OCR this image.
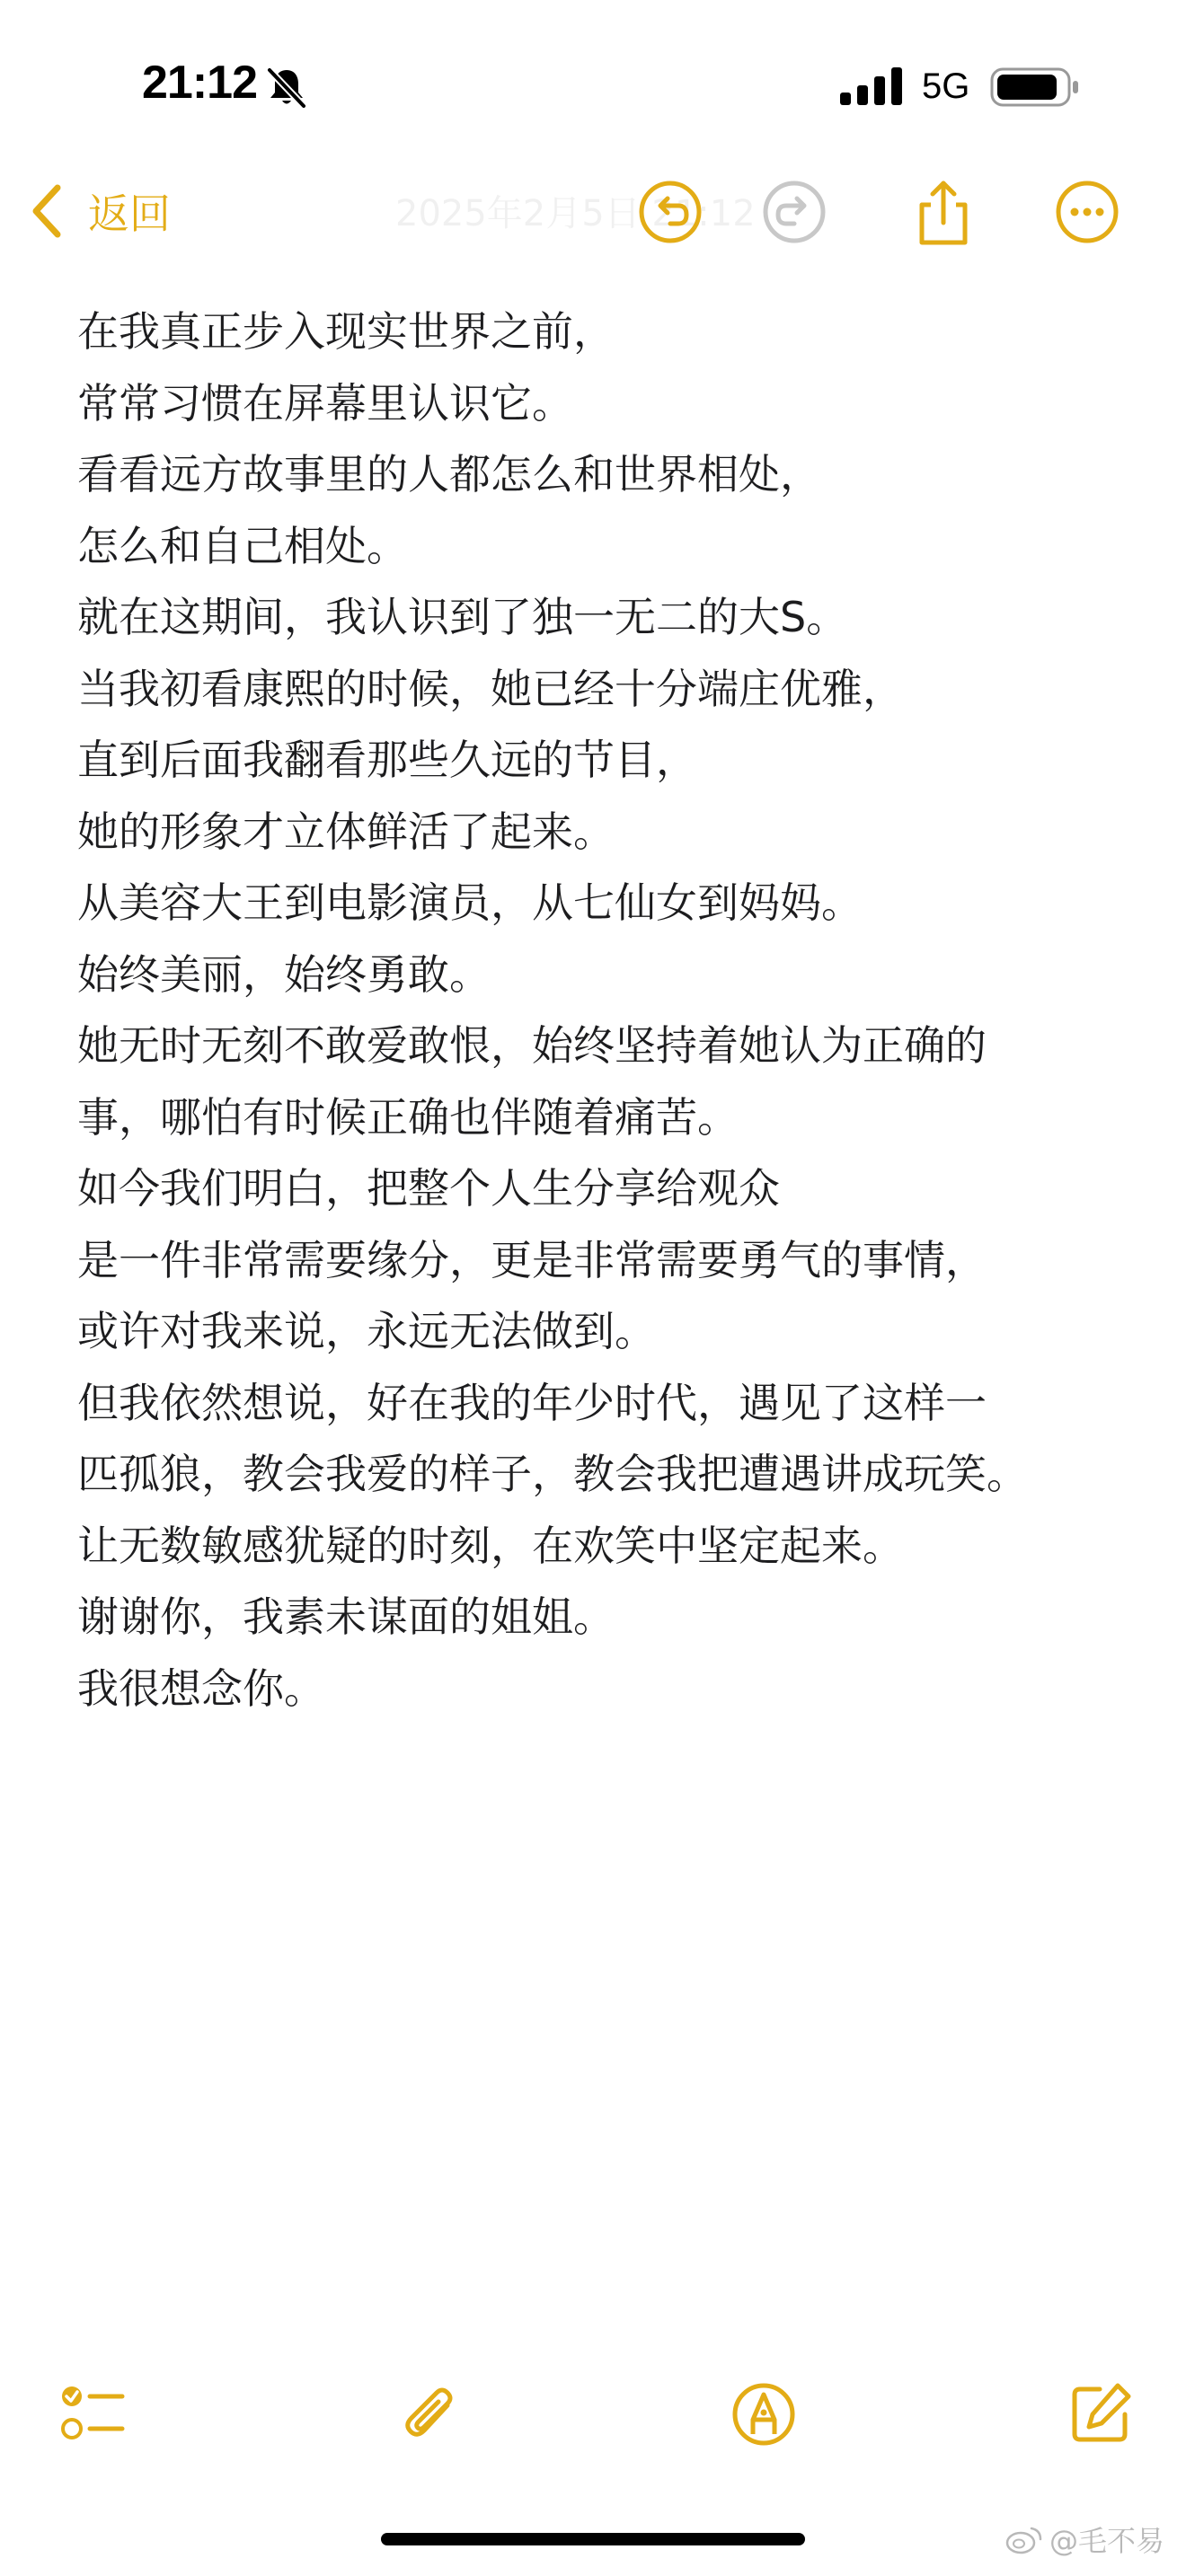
21:12	5G
返回	2025年2月5日 21:12
在我真正步入现实世界之前，
常常习惯在屏幕里认识它。
看看远方故事里的人都怎么和世界相处，
怎么和自己相处。
就在这期间，我认识到了独一无二的大S。
当我初看康熙的时候，她已经十分端庄优雅，
直到后面我翻看那些久远的节目，
她的形象才立体鲜活了起来。
从美容大王到电影演员，从七仙女到妈妈。
始终美丽，始终勇敢。
她无时无刻不敢爱敢恨，始终坚持着她认为正确的
事，哪怕有时候正确也伴随着痛苦。
如今我们明白，把整个人生分享给观众
是一件非常需要缘分，更是非常需要勇气的事情，
或许对我来说，永远无法做到。
但我依然想说，好在我的年少时代，遇见了这样一
匹孤狼，教会我爱的样子，教会我把遭遇讲成玩笑。
让无数敏感犹疑的时刻，在欢笑中坚定起来。
谢谢你，我素未谋面的姐姐。
我很想念你。
@毛不易
